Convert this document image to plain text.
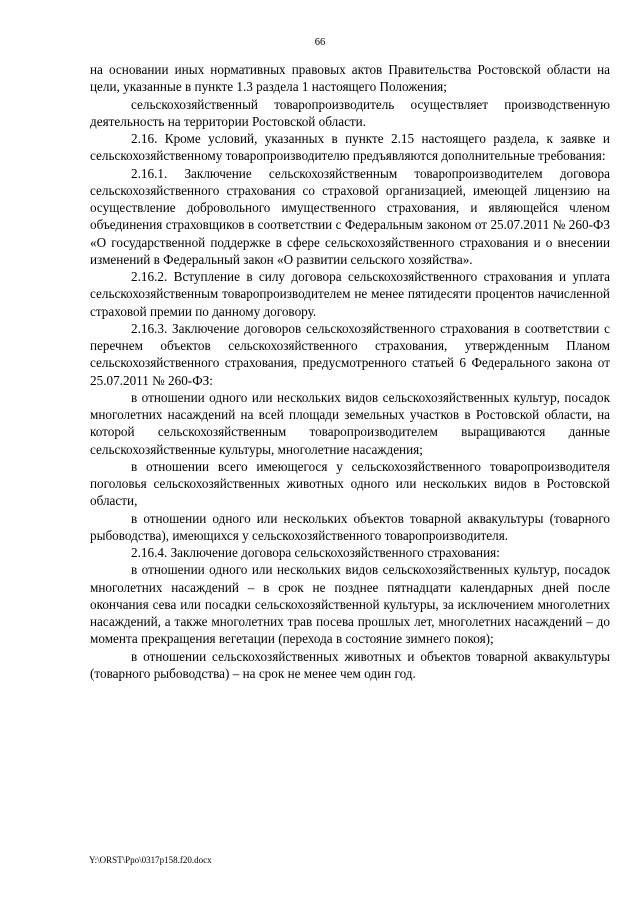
66

на основании иных нормативных правовых актов Правительства Ростовской области на цели, указанные в пункте 1.3 раздела 1 настоящего Положения;

сельскохозяйственный товаропроизводитель осуществляет производственную деятельность на территории Ростовской области.

2.16. Кроме условий, указанных в пункте 2.15 настоящего раздела, к заявке и сельскохозяйственному товаропроизводителю предъявляются дополнительные требования:

2.16.1. Заключение сельскохозяйственным товаропроизводителем договора сельскохозяйственного страхования со страховой организацией, имеющей лицензию на осуществление добровольного имущественного страхования, и являющейся членом объединения страховщиков в соответствии с Федеральным законом от 25.07.2011 № 260-ФЗ «О государственной поддержке в сфере сельскохозяйственного страхования и о внесении изменений в Федеральный закон «О развитии сельского хозяйства».

2.16.2. Вступление в силу договора сельскохозяйственного страхования и уплата сельскохозяйственным товаропроизводителем не менее пятидесяти процентов начисленной страховой премии по данному договору.

2.16.3. Заключение договоров сельскохозяйственного страхования в соответствии с перечнем объектов сельскохозяйственного страхования, утвержденным Планом сельскохозяйственного страхования, предусмотренного статьей 6 Федерального закона от 25.07.2011 № 260-ФЗ:

в отношении одного или нескольких видов сельскохозяйственных культур, посадок многолетних насаждений на всей площади земельных участков в Ростовской области, на которой сельскохозяйственным товаропроизводителем выращиваются данные сельскохозяйственные культуры, многолетние насаждения;

в отношении всего имеющегося у сельскохозяйственного товаропроизводителя поголовья сельскохозяйственных животных одного или нескольких видов в Ростовской области,

в отношении одного или нескольких объектов товарной аквакультуры (товарного рыбоводства), имеющихся у сельскохозяйственного товаропроизводителя.

2.16.4. Заключение договора сельскохозяйственного страхования:

в отношении одного или нескольких видов сельскохозяйственных культур, посадок многолетних насаждений – в срок не позднее пятнадцати календарных дней после окончания сева или посадки сельскохозяйственной культуры, за исключением многолетних насаждений, а также многолетних трав посева прошлых лет, многолетних насаждений – до момента прекращения вегетации (перехода в состояние зимнего покоя);

в отношении сельскохозяйственных животных и объектов товарной аквакультуры (товарного рыбоводства) – на срок не менее чем один год.

Y:\ORST\Ppo\0317p158.f20.docx
